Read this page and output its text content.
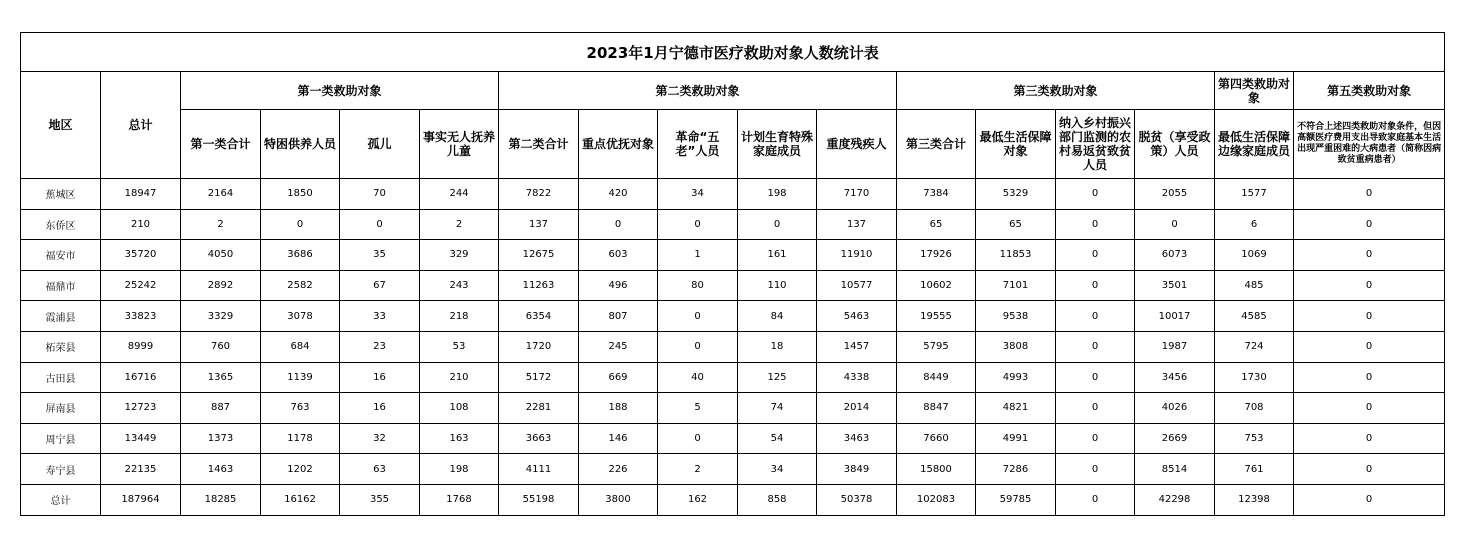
2023年1月宁德市医疗救助对象人数统计表																
地区	总计	第一类救助对象				第二类救助对象					第三类救助对象				第四类救助对象	第五类救助对象
		第一类合计	特困供养人员	孤儿	事实无人抚养儿童	第二类合计	重点优抚对象	革命“五老”人员	计划生育特殊家庭成员	重度残疾人	第三类合计	最低生活保障对象	纳入乡村振兴部门监测的农村易返贫致贫人员	脱贫（享受政策）人员	最低生活保障边缘家庭成员	不符合上述四类救助对象条件，但因高额医疗费用支出导致家庭基本生活出现严重困难的大病患者（简称因病致贫重病患者）
蕉城区	18947	2164	1850	70	244	7822	420	34	198	7170	7384	5329	0	2055	1577	0
东侨区	210	2	0	0	2	137	0	0	0	137	65	65	0	0	6	0
福安市	35720	4050	3686	35	329	12675	603	1	161	11910	17926	11853	0	6073	1069	0
福鼎市	25242	2892	2582	67	243	11263	496	80	110	10577	10602	7101	0	3501	485	0
霞浦县	33823	3329	3078	33	218	6354	807	0	84	5463	19555	9538	0	10017	4585	0
柘荣县	8999	760	684	23	53	1720	245	0	18	1457	5795	3808	0	1987	724	0
古田县	16716	1365	1139	16	210	5172	669	40	125	4338	8449	4993	0	3456	1730	0
屏南县	12723	887	763	16	108	2281	188	5	74	2014	8847	4821	0	4026	708	0
周宁县	13449	1373	1178	32	163	3663	146	0	54	3463	7660	4991	0	2669	753	0
寿宁县	22135	1463	1202	63	198	4111	226	2	34	3849	15800	7286	0	8514	761	0
总计	187964	18285	16162	355	1768	55198	3800	162	858	50378	102083	59785	0	42298	12398	0
